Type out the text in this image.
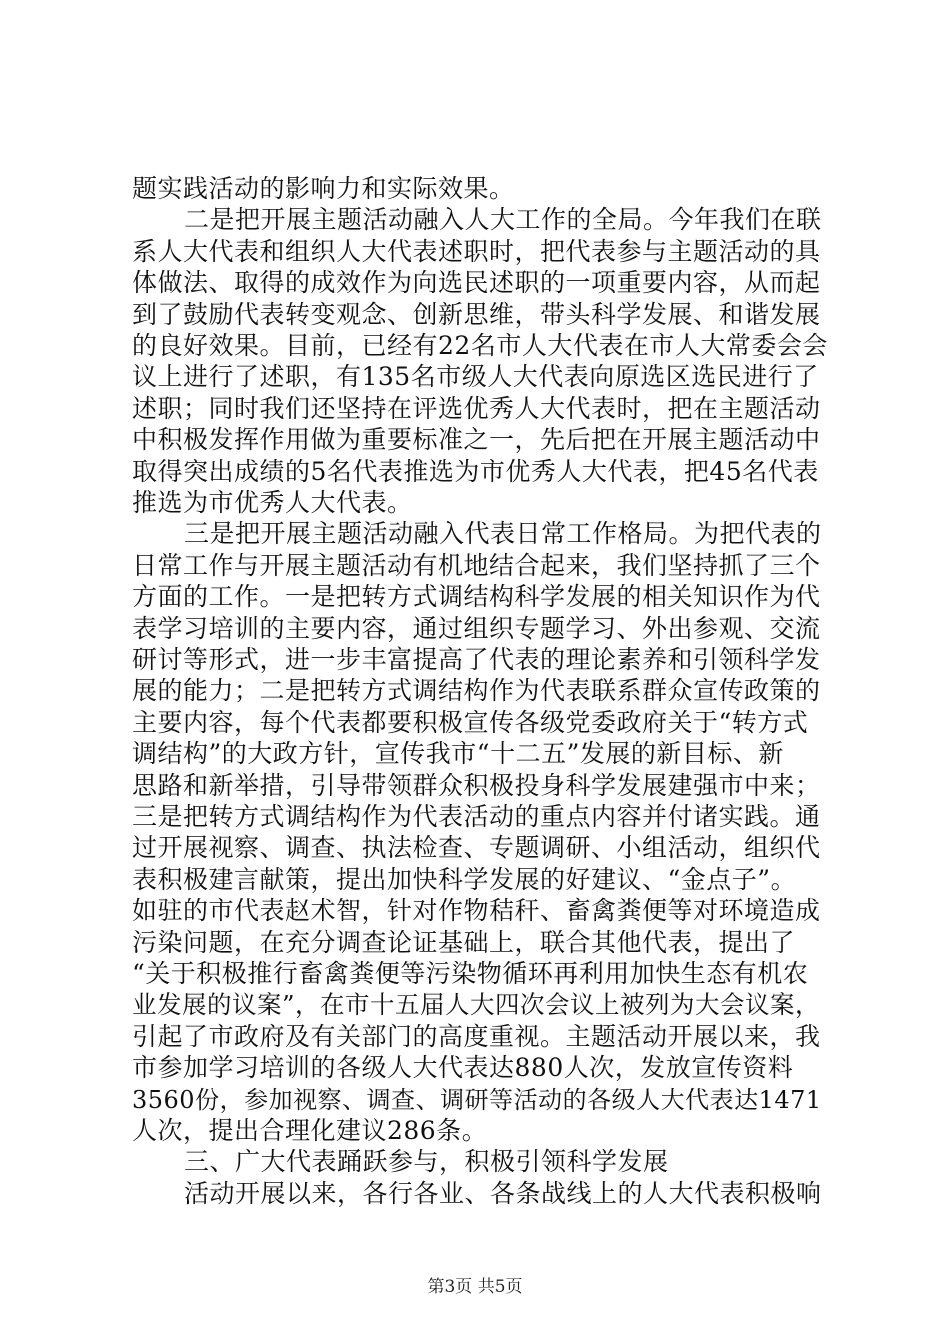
题实践活动的影响力和实际效果。
二是把开展主题活动融入人大工作的全局。今年我们在联
系人大代表和组织人大代表述职时，把代表参与主题活动的具
体做法、取得的成效作为向选民述职的一项重要内容，从而起
到了鼓励代表转变观念、创新思维，带头科学发展、和谐发展
的良好效果。目前，已经有22名市人大代表在市人大常委会会
议上进行了述职，有135名市级人大代表向原选区选民进行了
述职；同时我们还坚持在评选优秀人大代表时，把在主题活动
中积极发挥作用做为重要标准之一，先后把在开展主题活动中
取得突出成绩的5名代表推选为市优秀人大代表，把45名代表
推选为市优秀人大代表。
三是把开展主题活动融入代表日常工作格局。为把代表的
日常工作与开展主题活动有机地结合起来，我们坚持抓了三个
方面的工作。一是把转方式调结构科学发展的相关知识作为代
表学习培训的主要内容，通过组织专题学习、外出参观、交流
研讨等形式，进一步丰富提高了代表的理论素养和引领科学发
展的能力；二是把转方式调结构作为代表联系群众宣传政策的
主要内容，每个代表都要积极宣传各级党委政府关于“转方式
调结构”的大政方针，宣传我市“十二五”发展的新目标、新
思路和新举措，引导带领群众积极投身科学发展建强市中来；
三是把转方式调结构作为代表活动的重点内容并付诸实践。通
过开展视察、调查、执法检查、专题调研、小组活动，组织代
表积极建言献策，提出加快科学发展的好建议、“金点子”。
如驻的市代表赵术智，针对作物秸秆、畜禽粪便等对环境造成
污染问题，在充分调查论证基础上，联合其他代表，提出了
“关于积极推行畜禽粪便等污染物循环再利用加快生态有机农
业发展的议案”，在市十五届人大四次会议上被列为大会议案，
引起了市政府及有关部门的高度重视。主题活动开展以来，我
市参加学习培训的各级人大代表达880人次，发放宣传资料
3560份，参加视察、调查、调研等活动的各级人大代表达1471
人次，提出合理化建议286条。
三、广大代表踊跃参与，积极引领科学发展
活动开展以来，各行各业、各条战线上的人大代表积极响
第3页 共5页
